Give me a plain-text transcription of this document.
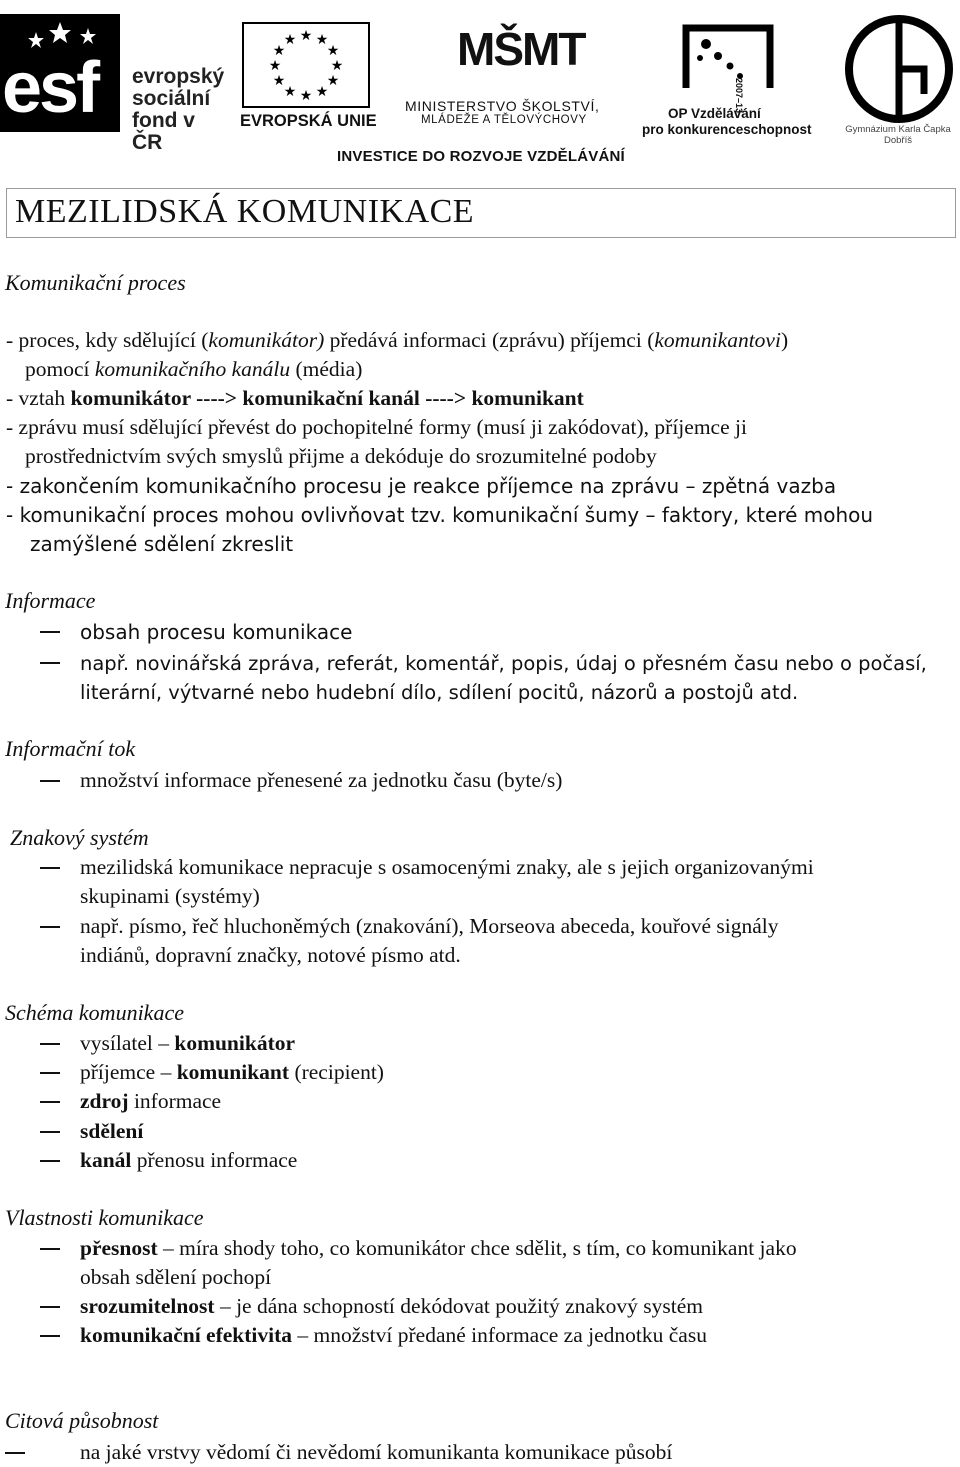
esf evropský
sociální
fond v ČR
★ ★
★
★
★
★
★
★
★
★
★
★
EVROPSKÁ UNIE
MŠMT
MINISTERSTVO ŠKOLSTVÍ,
MLÁDEŽE A TĚLOVÝCHOVY
2007–13
OP Vzdělávání
pro konkurenceschopnost	Gymnázium Karla Čapka
Dobříš
INVESTICE DO ROZVOJE VZDĚLÁVÁNÍ
MEZILIDSKÁ KOMUNIKACE
Komunikační proces
- proces, kdy sdělující (komunikátor) předává informaci (zprávu) příjemci (komunikantovi)
pomocí komunikačního kanálu (média)
- vztah komunikátor ----> komunikační kanál ----> komunikant
- zprávu musí sdělující převést do pochopitelné formy (musí ji zakódovat), příjemce ji
prostřednictvím svých smyslů přijme a dekóduje do srozumitelné podoby
- zakončením komunikačního procesu je reakce příjemce na zprávu – zpětná vazba
- komunikační proces mohou ovlivňovat tzv. komunikační šumy – faktory, které mohou
zamýšlené sdělení zkreslit
Informace
obsah procesu komunikace
např. novinářská zpráva, referát, komentář, popis, údaj o přesném času nebo o počasí,
literární, výtvarné nebo hudební dílo, sdílení pocitů, názorů a postojů atd.
Informační tok
množství informace přenesené za jednotku času (byte/s)
Znakový systém
mezilidská komunikace nepracuje s osamocenými znaky, ale s jejich organizovanými
skupinami (systémy)
např. písmo, řeč hluchoněmých (znakování), Morseova abeceda, kouřové signály
indiánů, dopravní značky, notové písmo atd.
Schéma komunikace
vysílatel – komunikátor
příjemce – komunikant (recipient)
zdroj informace
sdělení
kanál přenosu informace
Vlastnosti komunikace
přesnost – míra shody toho, co komunikátor chce sdělit, s tím, co komunikant jako
obsah sdělení pochopí
srozumitelnost – je dána schopností dekódovat použitý znakový systém
komunikační efektivita – množství předané informace za jednotku času
Citová působnost
na jaké vrstvy vědomí či nevědomí komunikanta komunikace působí
